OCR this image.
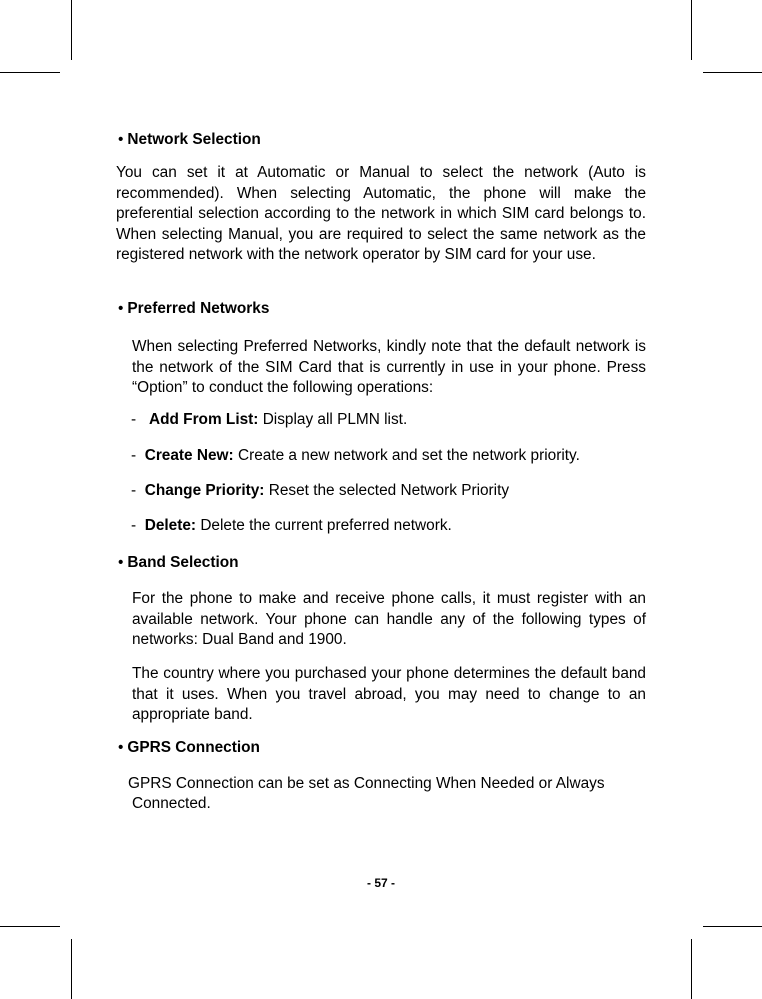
• Network Selection
You can set it at Automatic or Manual to select the network (Auto is recommended). When selecting Automatic, the phone will make the preferential selection according to the network in which SIM card belongs to. When selecting Manual, you are required to select the same network as the registered network with the network operator by SIM card for your use.
• Preferred Networks
When selecting Preferred Networks, kindly note that the default network is the network of the SIM Card that is currently in use in your phone. Press “Option” to conduct the following operations:
- Add From List: Display all PLMN list.
- Create New: Create a new network and set the network priority.
- Change Priority: Reset the selected Network Priority
- Delete: Delete the current preferred network.
• Band Selection
For the phone to make and receive phone calls, it must register with an available network. Your phone can handle any of the following types of networks: Dual Band and 1900.
The country where you purchased your phone determines the default band that it uses. When you travel abroad, you may need to change to an appropriate band.
• GPRS Connection
GPRS Connection can be set as Connecting When Needed or Always
Connected.
- 57 -
